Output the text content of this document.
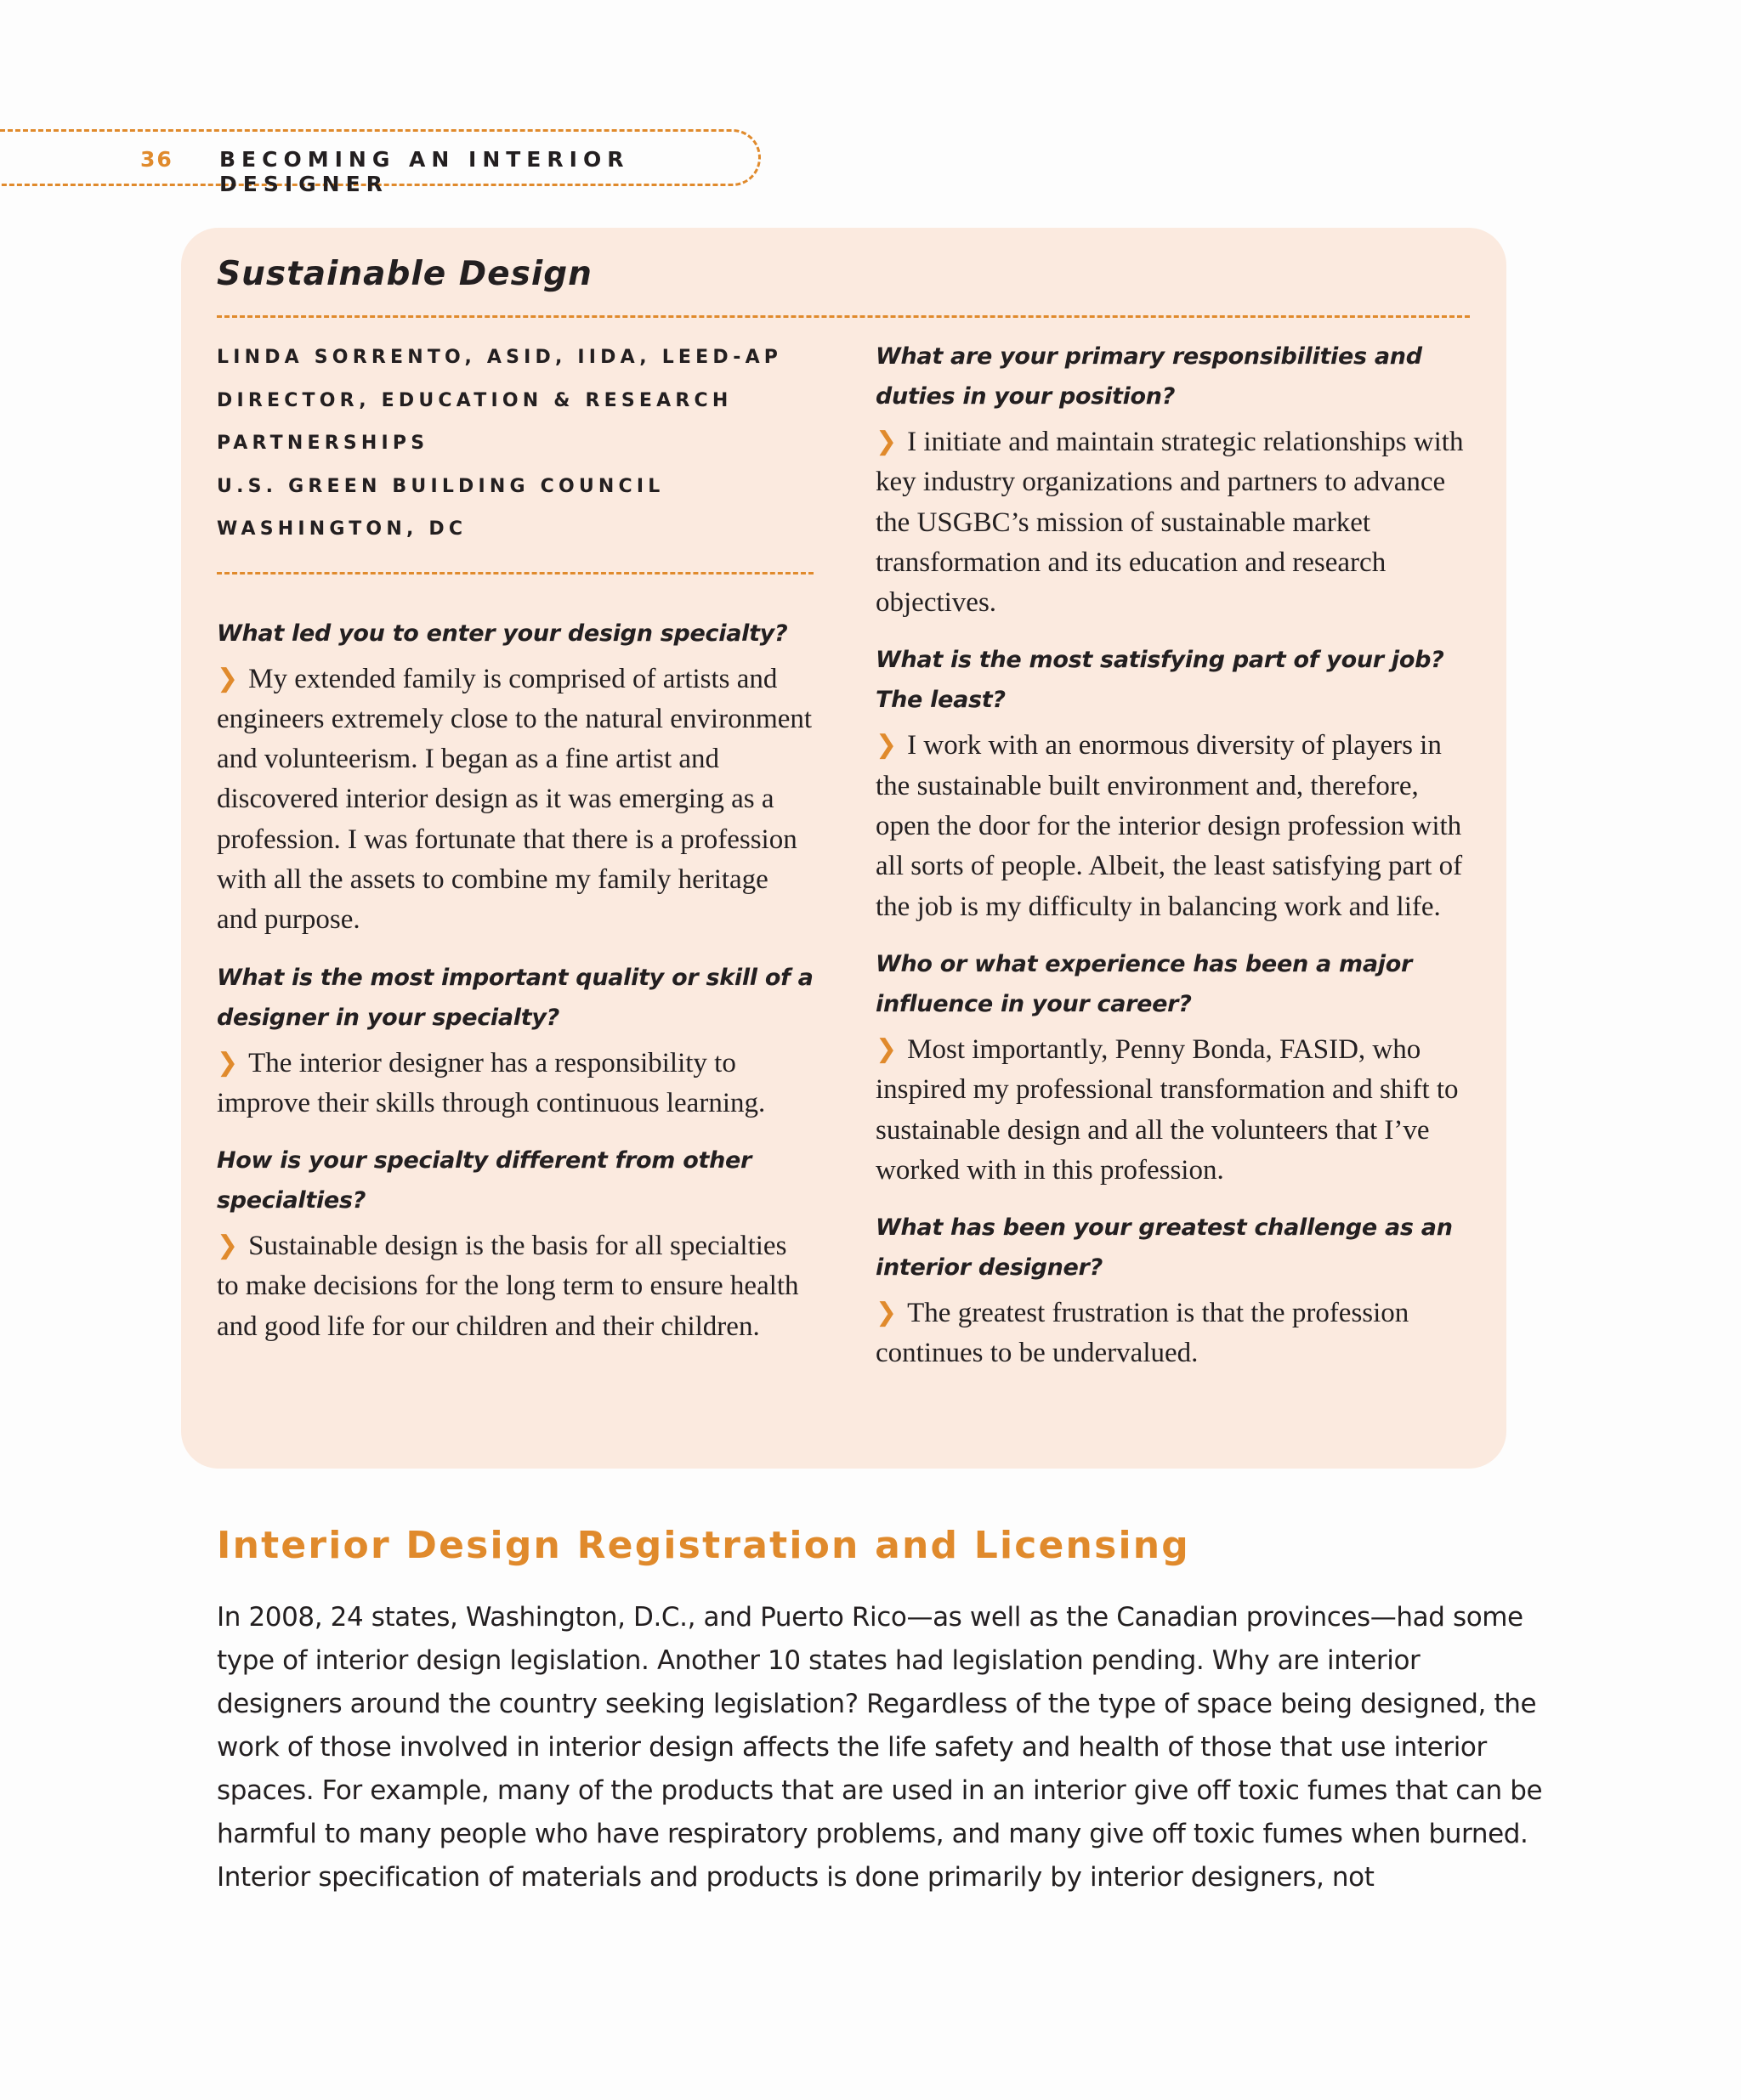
36 BECOMING AN INTERIOR DESIGNER
Sustainable Design
LINDA SORRENTO, ASID, IIDA, LEED-AP
DIRECTOR, EDUCATION & RESEARCH
PARTNERSHIPS
U.S. GREEN BUILDING COUNCIL
WASHINGTON, DC
What led you to enter your design specialty?

❯ My extended family is comprised of artists and engineers extremely close to the natural environment and volunteerism. I began as a fine artist and discovered interior design as it was emerging as a profession. I was fortunate that there is a profession with all the assets to combine my family heritage and purpose.

What is the most important quality or skill of a designer in your specialty?

❯ The interior designer has a responsibility to improve their skills through continuous learning.

How is your specialty different from other specialties?

❯ Sustainable design is the basis for all specialties to make decisions for the long term to ensure health and good life for our children and their children.

What are your primary responsibilities and duties in your position?

❯ I initiate and maintain strategic relationships with key industry organizations and partners to advance the USGBC’s mission of sustainable market transformation and its education and research objectives.

What is the most satisfying part of your job? The least?

❯ I work with an enormous diversity of players in the sustainable built environment and, therefore, open the door for the interior design profession with all sorts of people. Albeit, the least satisfying part of the job is my difficulty in balancing work and life.

Who or what experience has been a major influence in your career?

❯ Most importantly, Penny Bonda, FASID, who inspired my professional transformation and shift to sustainable design and all the volunteers that I’ve worked with in this profession.

What has been your greatest challenge as an interior designer?

❯ The greatest frustration is that the profession continues to be undervalued.

Interior Design Registration and Licensing

In 2008, 24 states, Washington, D.C., and Puerto Rico—as well as the Canadian provinces—had some type of interior design legislation. Another 10 states had legislation pending. Why are interior designers around the country seeking legislation? Regardless of the type of space being designed, the work of those involved in interior design affects the life safety and health of those that use interior spaces. For example, many of the products that are used in an interior give off toxic fumes that can be harmful to many people who have respiratory problems, and many give off toxic fumes when burned. Interior specification of materials and products is done primarily by interior designers, not
